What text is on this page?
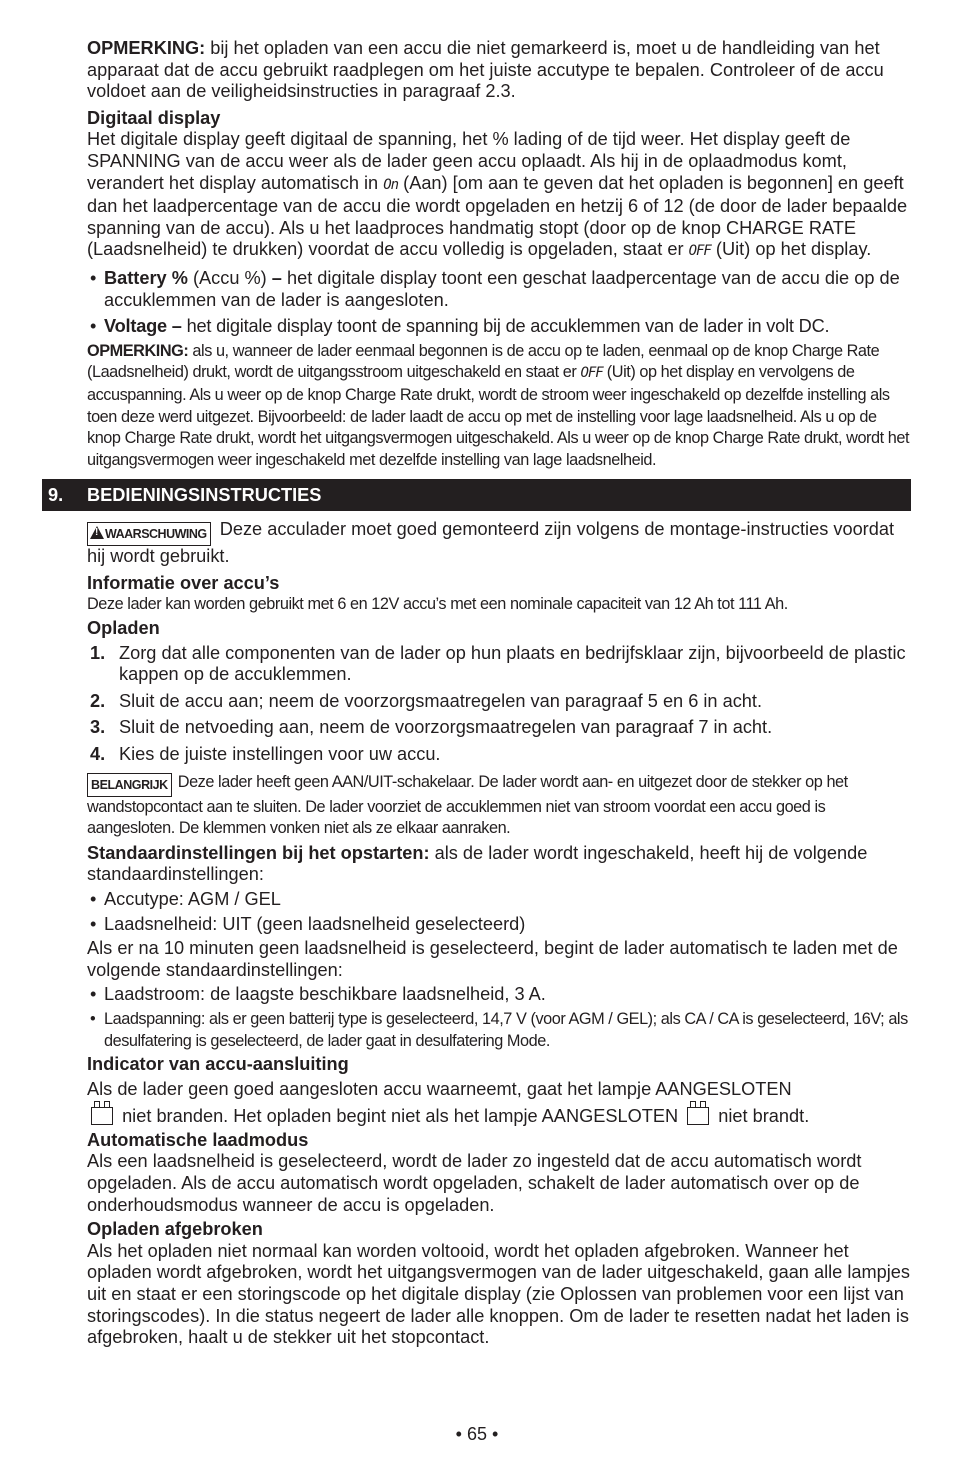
OPMERKING: bij het opladen van een accu die niet gemarkeerd is, moet u de handleiding van het apparaat dat de accu gebruikt raadplegen om het juiste accutype te bepalen. Controleer of de accu voldoet aan de veiligheidsinstructies in paragraaf 2.3.

Digitaal display

Het digitale display geeft digitaal de spanning, het % lading of de tijd weer. Het display geeft de SPANNING van de accu weer als de lader geen accu oplaadt. Als hij in de oplaadmodus komt, verandert het display automatisch in On (Aan) [om aan te geven dat het opladen is begonnen] en geeft dan het laadpercentage van de accu die wordt opgeladen en hetzij 6 of 12 (de door de lader bepaalde spanning van de accu). Als u het laadproces handmatig stopt (door op de knop CHARGE RATE (Laadsnelheid) te drukken) voordat de accu volledig is opgeladen, staat er OFF (Uit) op het display.

• Battery % (Accu %) – het digitale display toont een geschat laadpercentage van de accu die op de accuklemmen van de lader is aangesloten.

• Voltage – het digitale display toont de spanning bij de accuklemmen van de lader in volt DC.

OPMERKING: als u, wanneer de lader eenmaal begonnen is de accu op te laden, eenmaal op de knop Charge Rate (Laadsnelheid) drukt, wordt de uitgangsstroom uitgeschakeld en staat er OFF (Uit) op het display en vervolgens de accuspanning. Als u weer op de knop Charge Rate drukt, wordt de stroom weer ingeschakeld op dezelfde instelling als toen deze werd uitgezet. Bijvoorbeeld: de lader laadt de accu op met de instelling voor lage laadsnelheid. Als u op de knop Charge Rate drukt, wordt het uitgangsvermogen uitgeschakeld. Als u weer op de knop Charge Rate drukt, wordt het uitgangsvermogen weer ingeschakeld met dezelfde instelling van lage laadsnelheid.

9. BEDIENINGSINSTRUCTIES

!WAARSCHUWING Deze acculader moet goed gemonteerd zijn volgens de montage-instructies voordat hij wordt gebruikt.

Informatie over accu’s

Deze lader kan worden gebruikt met 6 en 12V accu’s met een nominale capaciteit van 12 Ah tot 111 Ah.

Opladen

1. Zorg dat alle componenten van de lader op hun plaats en bedrijfsklaar zijn, bijvoorbeeld de plastic kappen op de accuklemmen.

2. Sluit de accu aan; neem de voorzorgsmaatregelen van paragraaf 5 en 6 in acht.

3. Sluit de netvoeding aan, neem de voorzorgsmaatregelen van paragraaf 7 in acht.

4. Kies de juiste instellingen voor uw accu.

BELANGRIJK Deze lader heeft geen AAN/UIT-schakelaar. De lader wordt aan- en uitgezet door de stekker op het wandstopcontact aan te sluiten. De lader voorziet de accuklemmen niet van stroom voordat een accu goed is aangesloten. De klemmen vonken niet als ze elkaar aanraken.

Standaardinstellingen bij het opstarten: als de lader wordt ingeschakeld, heeft hij de volgende standaardinstellingen:

• Accutype: AGM / GEL

• Laadsnelheid: UIT (geen laadsnelheid geselecteerd)

Als er na 10 minuten geen laadsnelheid is geselecteerd, begint de lader automatisch te laden met de volgende standaardinstellingen:

• Laadstroom: de laagste beschikbare laadsnelheid, 3 A.

• Laadspanning: als er geen batterij type is geselecteerd, 14,7 V (voor AGM / GEL); als CA / CA is geselecteerd, 16V; als desulfatering is geselecteerd, de lader gaat in desulfatering Mode.

Indicator van accu-aansluiting

Als de lader geen goed aangesloten accu waarneemt, gaat het lampje AANGESLOTEN
niet branden. Het opladen begint niet als het lampje AANGESLOTEN niet brandt.

Automatische laadmodus

Als een laadsnelheid is geselecteerd, wordt de lader zo ingesteld dat de accu automatisch wordt opgeladen. Als de accu automatisch wordt opgeladen, schakelt de lader automatisch over op de onderhoudsmodus wanneer de accu is opgeladen.

Opladen afgebroken

Als het opladen niet normaal kan worden voltooid, wordt het opladen afgebroken. Wanneer het opladen wordt afgebroken, wordt het uitgangsvermogen van de lader uitgeschakeld, gaan alle lampjes uit en staat er een storingscode op het digitale display (zie Oplossen van problemen voor een lijst van storingscodes). In die status negeert de lader alle knoppen. Om de lader te resetten nadat het laden is afgebroken, haalt u de stekker uit het stopcontact.

• 65 •
